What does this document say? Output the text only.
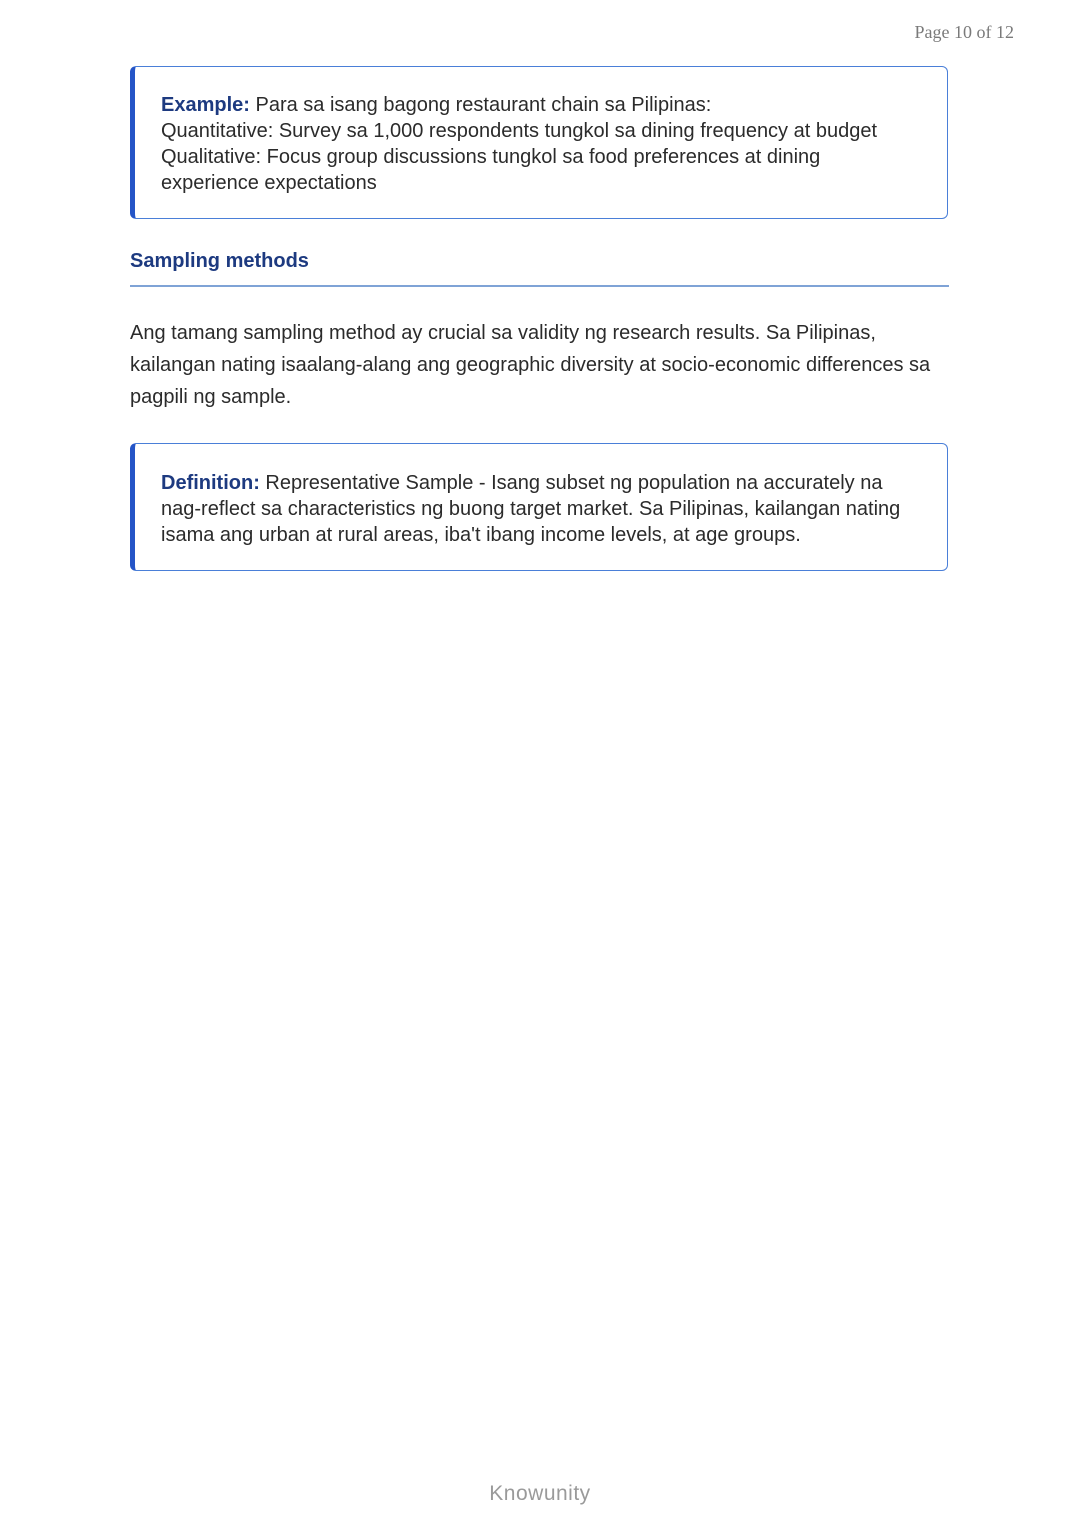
Page 10 of 12
Example: Para sa isang bagong restaurant chain sa Pilipinas:
Quantitative: Survey sa 1,000 respondents tungkol sa dining frequency at budget
Qualitative: Focus group discussions tungkol sa food preferences at dining
experience expectations
Sampling methods

Ang tamang sampling method ay crucial sa validity ng research results. Sa Pilipinas,
kailangan nating isaalang-alang ang geographic diversity at socio-economic differences sa
pagpili ng sample.

Definition: Representative Sample - Isang subset ng population na accurately na
nag-reflect sa characteristics ng buong target market. Sa Pilipinas, kailangan nating
isama ang urban at rural areas, iba't ibang income levels, at age groups.
Knowunity
